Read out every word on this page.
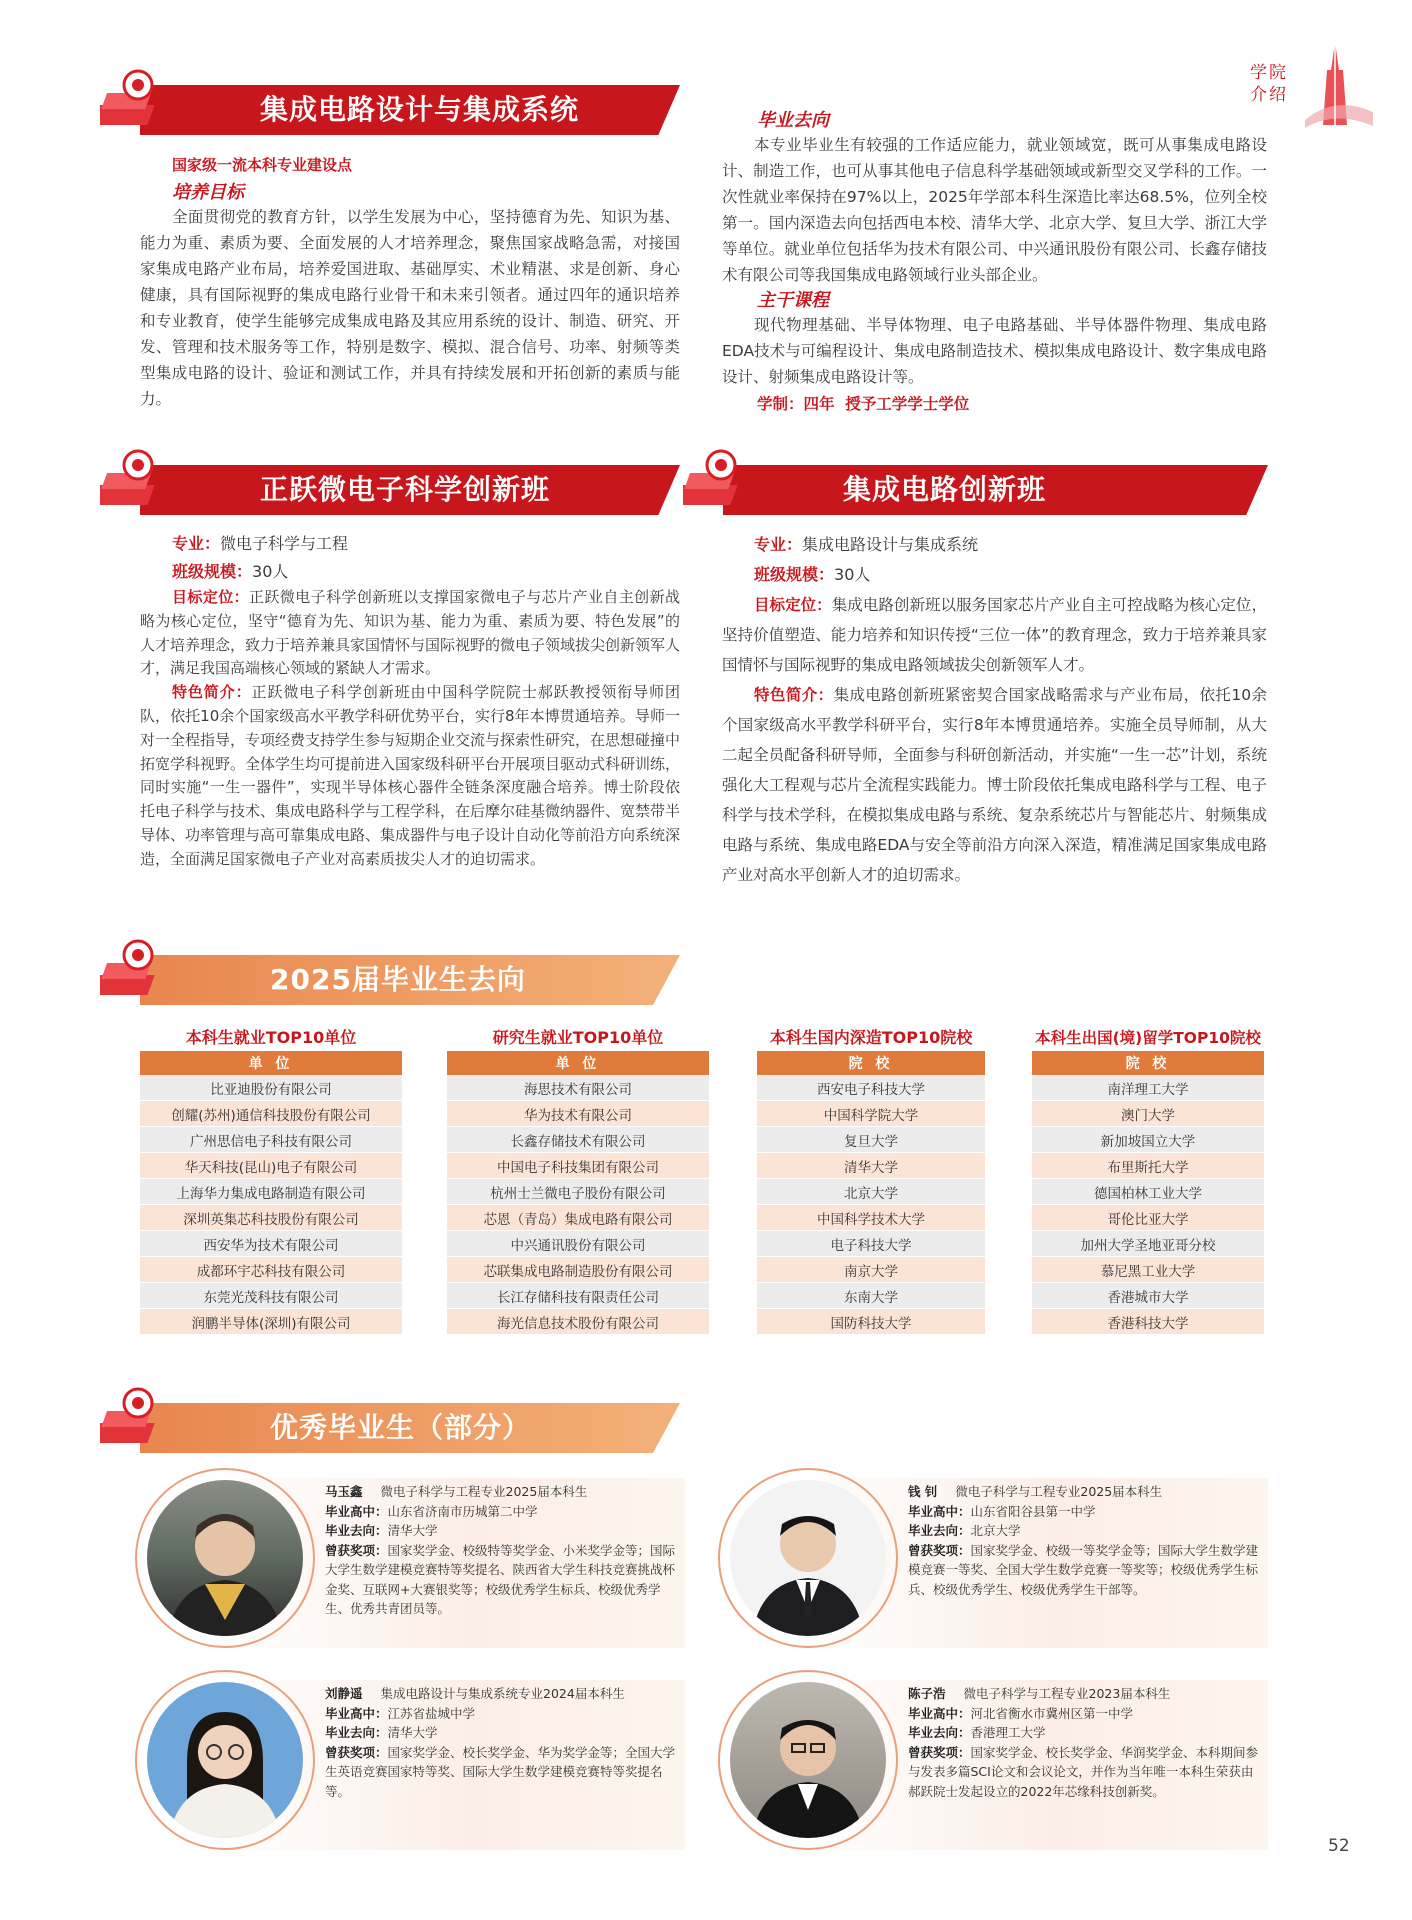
学院
介绍
集成电路设计与集成系统
国家级一流本科专业建设点
培养目标
全面贯彻党的教育方针，以学生发展为中心，坚持德育为先、知识为基、能力为重、素质为要、全面发展的人才培养理念，聚焦国家战略急需，对接国家集成电路产业布局，培养爱国进取、基础厚实、术业精湛、求是创新、身心健康，具有国际视野的集成电路行业骨干和未来引领者。通过四年的通识培养和专业教育，使学生能够完成集成电路及其应用系统的设计、制造、研究、开发、管理和技术服务等工作，特别是数字、模拟、混合信号、功率、射频等类型集成电路的设计、验证和测试工作，并具有持续发展和开拓创新的素质与能力。
毕业去向
本专业毕业生有较强的工作适应能力，就业领域宽，既可从事集成电路设计、制造工作，也可从事其他电子信息科学基础领域或新型交叉学科的工作。一次性就业率保持在97%以上，2025年学部本科生深造比率达68.5%，位列全校第一。国内深造去向包括西电本校、清华大学、北京大学、复旦大学、浙江大学等单位。就业单位包括华为技术有限公司、中兴通讯股份有限公司、长鑫存储技术有限公司等我国集成电路领域行业头部企业。
主干课程
现代物理基础、半导体物理、电子电路基础、半导体器件物理、集成电路EDA技术与可编程设计、集成电路制造技术、模拟集成电路设计、数字集成电路设计、射频集成电路设计等。
学制：四年  授予工学学士学位
正跃微电子科学创新班	集成电路创新班
专业：微电子科学与工程
班级规模：30人
目标定位：正跃微电子科学创新班以支撑国家微电子与芯片产业自主创新战略为核心定位，坚守“德育为先、知识为基、能力为重、素质为要、特色发展”的人才培养理念，致力于培养兼具家国情怀与国际视野的微电子领域拔尖创新领军人才，满足我国高端核心领域的紧缺人才需求。
特色简介：正跃微电子科学创新班由中国科学院院士郝跃教授领衔导师团队，依托10余个国家级高水平教学科研优势平台，实行8年本博贯通培养。导师一对一全程指导，专项经费支持学生参与短期企业交流与探索性研究，在思想碰撞中拓宽学科视野。全体学生均可提前进入国家级科研平台开展项目驱动式科研训练，同时实施“一生一器件”，实现半导体核心器件全链条深度融合培养。博士阶段依托电子科学与技术、集成电路科学与工程学科，在后摩尔硅基微纳器件、宽禁带半导体、功率管理与高可靠集成电路、集成器件与电子设计自动化等前沿方向系统深造，全面满足国家微电子产业对高素质拔尖人才的迫切需求。
专业：集成电路设计与集成系统
班级规模：30人
目标定位：集成电路创新班以服务国家芯片产业自主可控战略为核心定位，坚持价值塑造、能力培养和知识传授“三位一体”的教育理念，致力于培养兼具家国情怀与国际视野的集成电路领域拔尖创新领军人才。
特色简介：集成电路创新班紧密契合国家战略需求与产业布局，依托10余个国家级高水平教学科研平台，实行8年本博贯通培养。实施全员导师制，从大二起全员配备科研导师，全面参与科研创新活动，并实施“一生一芯”计划，系统强化大工程观与芯片全流程实践能力。博士阶段依托集成电路科学与工程、电子科学与技术学科，在模拟集成电路与系统、复杂系统芯片与智能芯片、射频集成电路与系统、集成电路EDA与安全等前沿方向深入深造，精准满足国家集成电路产业对高水平创新人才的迫切需求。
2025届毕业生去向
本科生就业TOP10单位
单 位
比亚迪股份有限公司
创耀(苏州)通信科技股份有限公司
广州思信电子科技有限公司
华天科技(昆山)电子有限公司
上海华力集成电路制造有限公司
深圳英集芯科技股份有限公司
西安华为技术有限公司
成都环宇芯科技有限公司
东莞光茂科技有限公司
润鹏半导体(深圳)有限公司
研究生就业TOP10单位
单 位
海思技术有限公司
华为技术有限公司
长鑫存储技术有限公司
中国电子科技集团有限公司
杭州士兰微电子股份有限公司
芯恩（青岛）集成电路有限公司
中兴通讯股份有限公司
芯联集成电路制造股份有限公司
长江存储科技有限责任公司
海光信息技术股份有限公司
本科生国内深造TOP10院校
院 校
西安电子科技大学
中国科学院大学
复旦大学
清华大学
北京大学
中国科学技术大学
电子科技大学
南京大学
东南大学
国防科技大学
本科生出国(境)留学TOP10院校
院 校
南洋理工大学
澳门大学
新加坡国立大学
布里斯托大学
德国柏林工业大学
哥伦比亚大学
加州大学圣地亚哥分校
慕尼黑工业大学
香港城市大学
香港科技大学
优秀毕业生（部分）
马玉鑫 微电子科学与工程专业2025届本科生
毕业高中：山东省济南市历城第二中学
毕业去向：清华大学
曾获奖项：国家奖学金、校级特等奖学金、小米奖学金等；国际大学生数学建模竞赛特等奖提名、陕西省大学生科技竞赛挑战杯金奖、互联网+大赛银奖等；校级优秀学生标兵、校级优秀学生、优秀共青团员等。
钱 钊 微电子科学与工程专业2025届本科生
毕业高中：山东省阳谷县第一中学
毕业去向：北京大学
曾获奖项：国家奖学金、校级一等奖学金等；国际大学生数学建模竞赛一等奖、全国大学生数学竞赛一等奖等；校级优秀学生标兵、校级优秀学生、校级优秀学生干部等。
刘静遥 集成电路设计与集成系统专业2024届本科生
毕业高中：江苏省盐城中学
毕业去向：清华大学
曾获奖项：国家奖学金、校长奖学金、华为奖学金等；全国大学生英语竞赛国家特等奖、国际大学生数学建模竞赛特等奖提名等。
陈子浩 微电子科学与工程专业2023届本科生
毕业高中：河北省衡水市冀州区第一中学
毕业去向：香港理工大学
曾获奖项：国家奖学金、校长奖学金、华润奖学金、本科期间参与发表多篇SCI论文和会议论文，并作为当年唯一本科生荣获由郝跃院士发起设立的2022年芯缘科技创新奖。
52
